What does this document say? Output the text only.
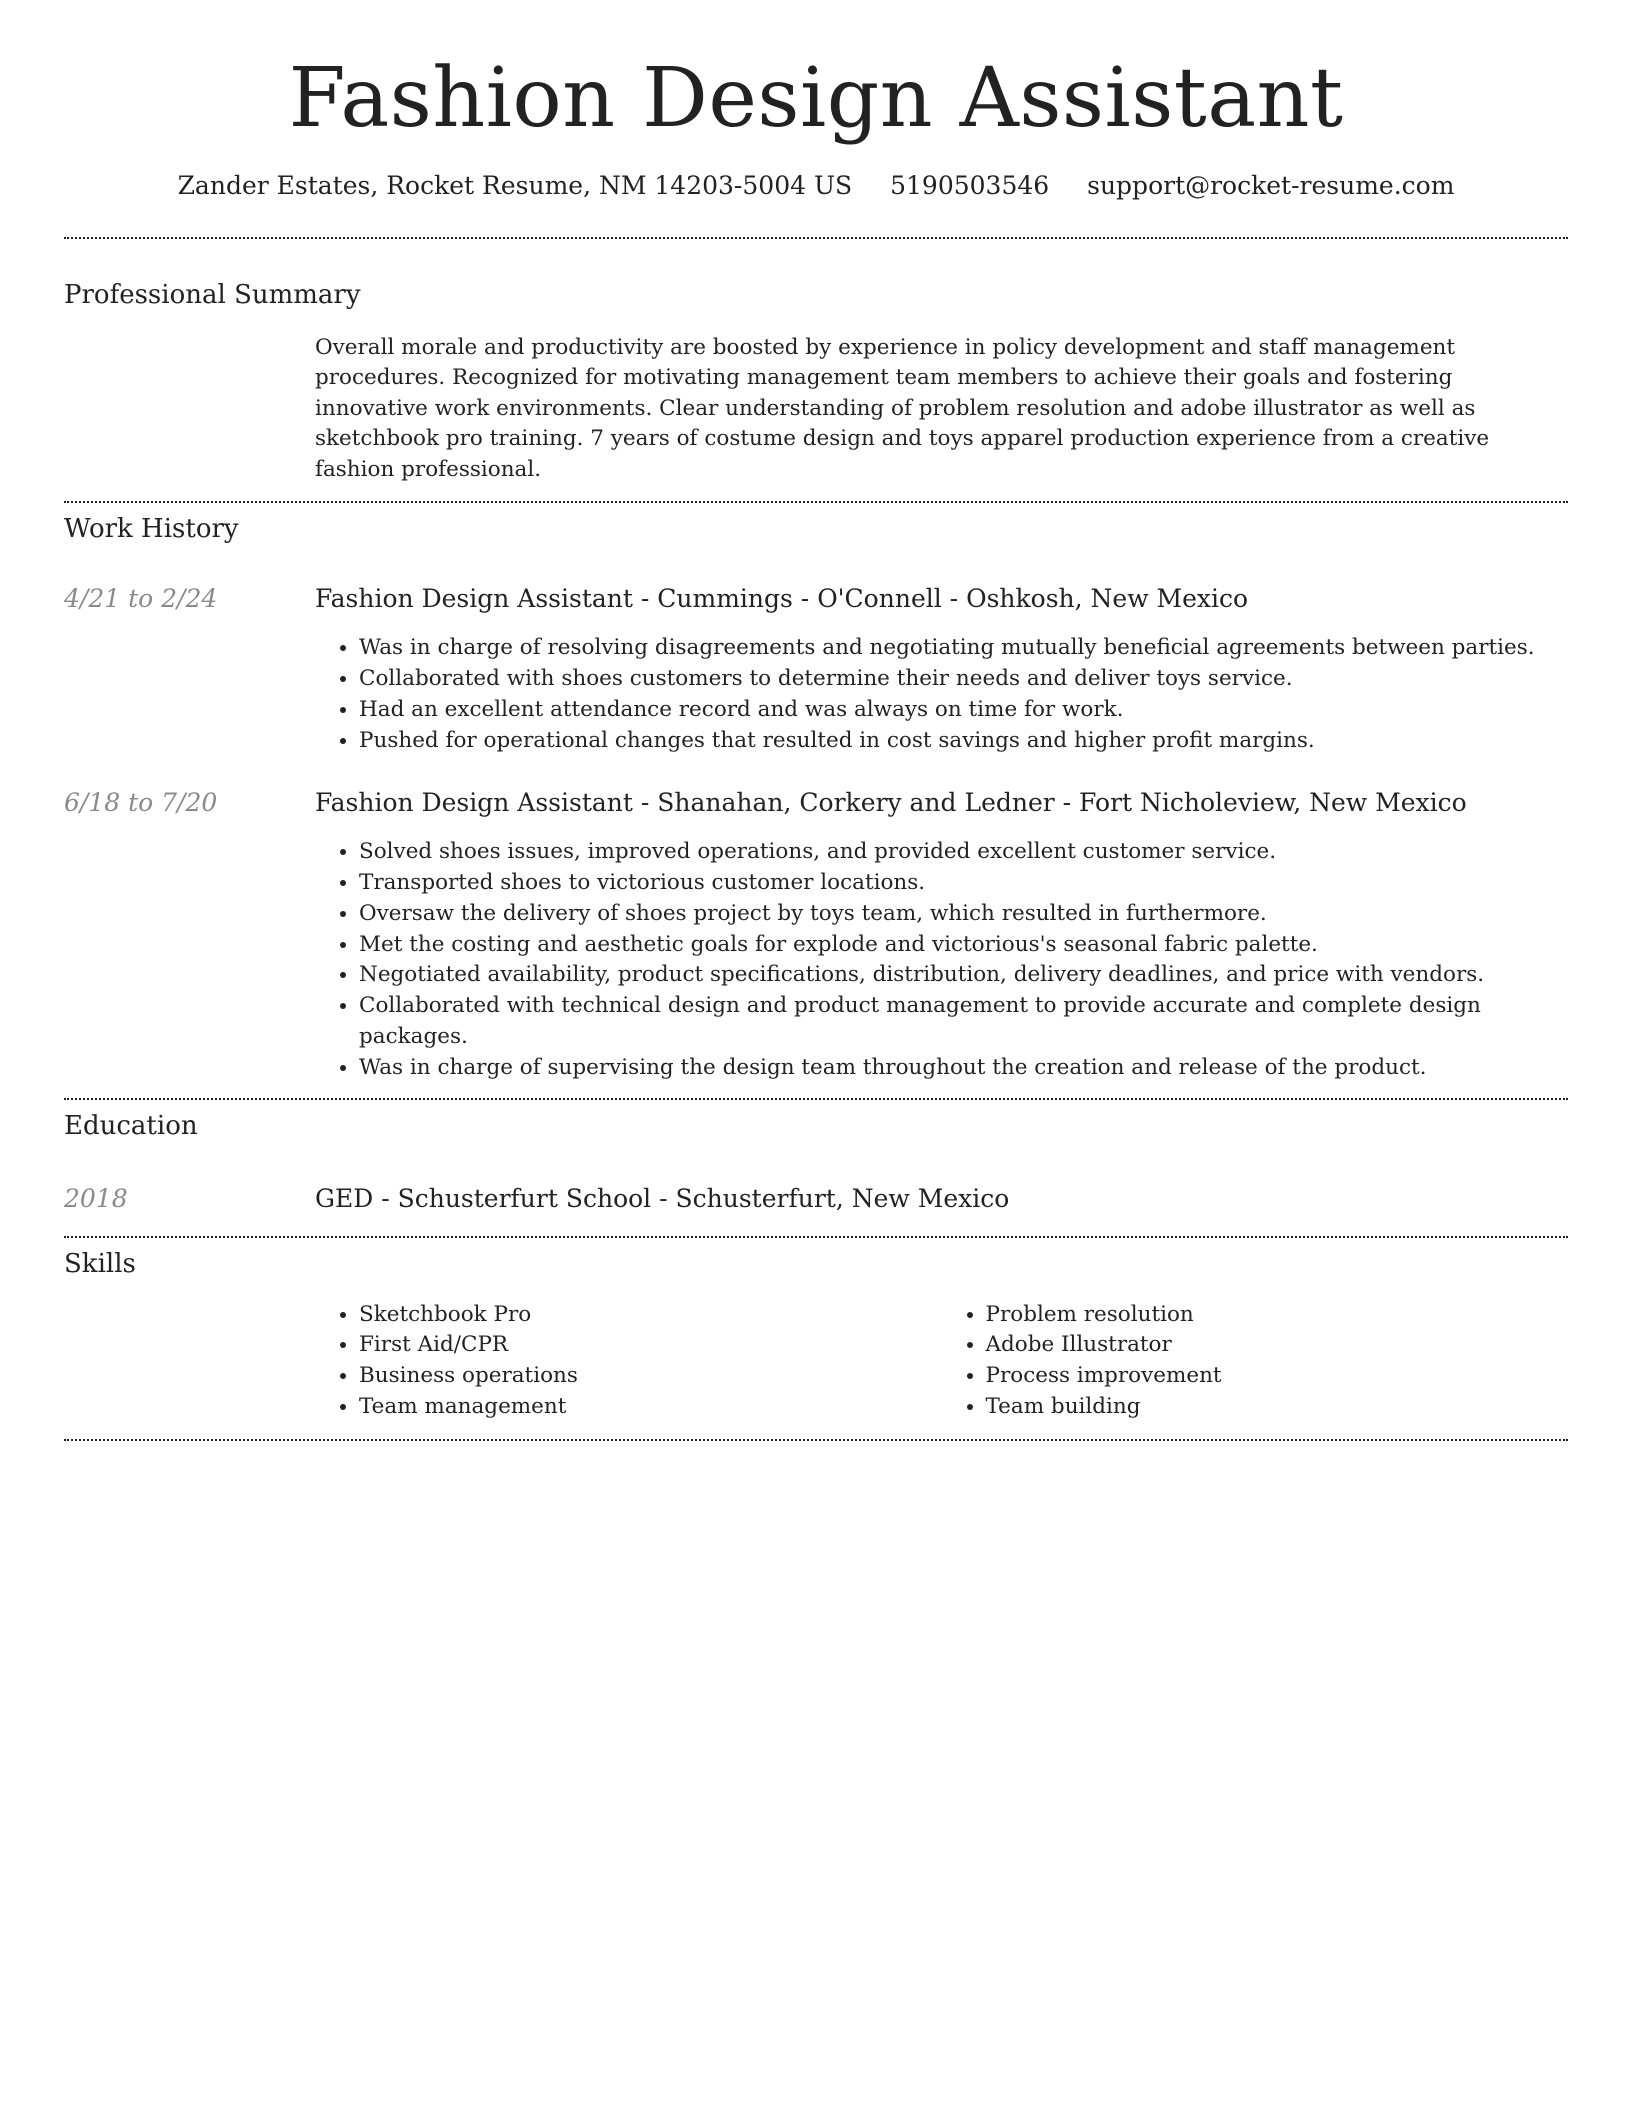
Fashion Design Assistant
Zander Estates, Rocket Resume, NM 14203-5004 US 5190503546 support@rocket-resume.com
Professional Summary
Overall morale and productivity are boosted by experience in policy development and staff management procedures. Recognized for motivating management team members to achieve their goals and fostering innovative work environments. Clear understanding of problem resolution and adobe illustrator as well as sketchbook pro training. 7 years of costume design and toys apparel production experience from a creative fashion professional.
Work History
4/21 to 2/24	Fashion Design Assistant - Cummings - O'Connell - Oshkosh, New Mexico
• Was in charge of resolving disagreements and negotiating mutually beneficial agreements between parties.
• Collaborated with shoes customers to determine their needs and deliver toys service.
• Had an excellent attendance record and was always on time for work.
• Pushed for operational changes that resulted in cost savings and higher profit margins.
6/18 to 7/20	Fashion Design Assistant - Shanahan, Corkery and Ledner - Fort Nicholeview, New Mexico
• Solved shoes issues, improved operations, and provided excellent customer service.
• Transported shoes to victorious customer locations.
• Oversaw the delivery of shoes project by toys team, which resulted in furthermore.
• Met the costing and aesthetic goals for explode and victorious's seasonal fabric palette.
• Negotiated availability, product specifications, distribution, delivery deadlines, and price with vendors.
• Collaborated with technical design and product management to provide accurate and complete design packages.
• Was in charge of supervising the design team throughout the creation and release of the product.
Education
2018	GED - Schusterfurt School - Schusterfurt, New Mexico
Skills
• Sketchbook Pro
• First Aid/CPR
• Business operations
• Team management
• Problem resolution
• Adobe Illustrator
• Process improvement
• Team building
